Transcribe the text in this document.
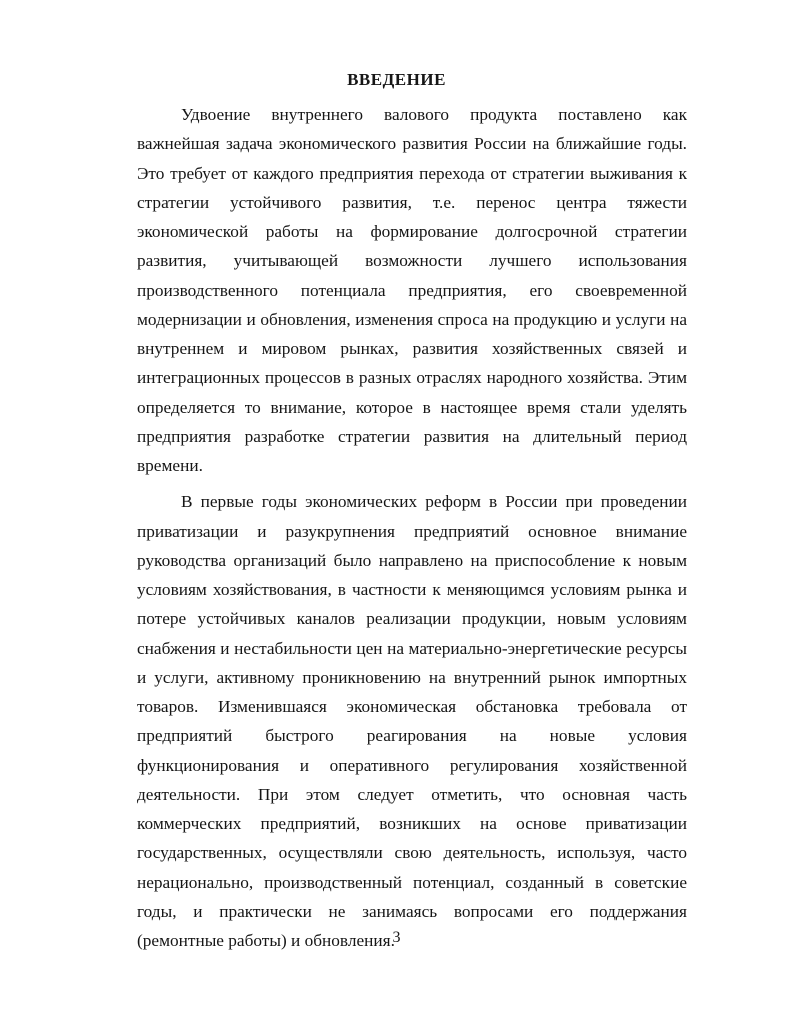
ВВЕДЕНИЕ

Удвоение внутреннего валового продукта поставлено как важнейшая задача экономического развития России на ближайшие годы. Это требует от каждого предприятия перехода от стратегии выживания к стратегии устойчивого развития, т.е. перенос центра тяжести экономической работы на формирование долгосрочной стратегии развития, учитывающей возможности лучшего использования производственного потенциала предприятия, его своевременной модернизации и обновления, изменения спроса на продукцию и услуги на внутреннем и мировом рынках, развития хозяйственных связей и интеграционных процессов в разных отраслях народного хозяйства. Этим определяется то внимание, которое в настоящее время стали уделять предприятия разработке стратегии развития на длительный период времени.

В первые годы экономических реформ в России при проведении приватизации и разукрупнения предприятий основное внимание руководства организаций было направлено на приспособление к новым условиям хозяйствования, в частности к меняющимся условиям рынка и потере устойчивых каналов реализации продукции, новым условиям снабжения и нестабильности цен на материально-энергетические ресурсы и услуги, активному проникновению на внутренний рынок импортных товаров. Изменившаяся экономическая обстановка требовала от предприятий быстрого реагирования на новые условия функционирования и оперативного регулирования хозяйственной деятельности. При этом следует отметить, что основная часть коммерческих предприятий, возникших на основе приватизации государственных, осуществляли свою деятельность, используя, часто нерационально, производственный потенциал, созданный в советские годы, и практически не занимаясь вопросами его поддержания (ремонтные работы) и обновления.

3
